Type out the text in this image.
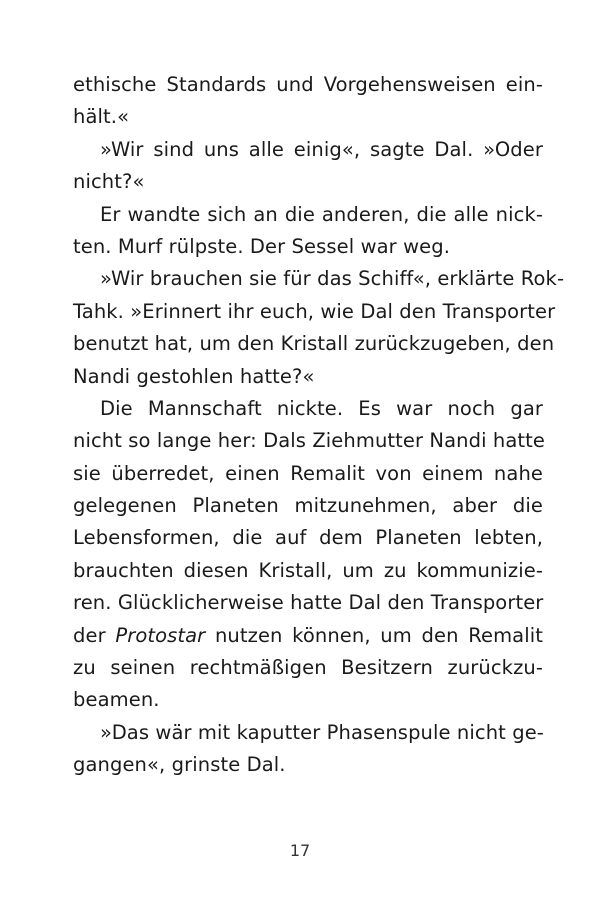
ethische Standards und Vorgehensweisen ein-
hält.«
»Wir sind uns alle einig«, sagte Dal. »Oder
nicht?«
Er wandte sich an die anderen, die alle nick-
ten. Murf rülpste. Der Sessel war weg.
»Wir brauchen sie für das Schiff«, erklärte Rok-
Tahk. »Erinnert ihr euch, wie Dal den Transporter
benutzt hat, um den Kristall zurückzugeben, den
Nandi gestohlen hatte?«
Die Mannschaft nickte. Es war noch gar
nicht so lange her: Dals Ziehmutter Nandi hatte
sie überredet, einen Remalit von einem nahe
gelegenen Planeten mitzunehmen, aber die
Lebensformen, die auf dem Planeten lebten,
brauchten diesen Kristall, um zu kommunizie-
ren. Glücklicherweise hatte Dal den Transporter
der Protostar nutzen können, um den Remalit
zu seinen rechtmäßigen Besitzern zurückzu-
beamen.
»Das wär mit kaputter Phasenspule nicht ge-
gangen«, grinste Dal.
17
